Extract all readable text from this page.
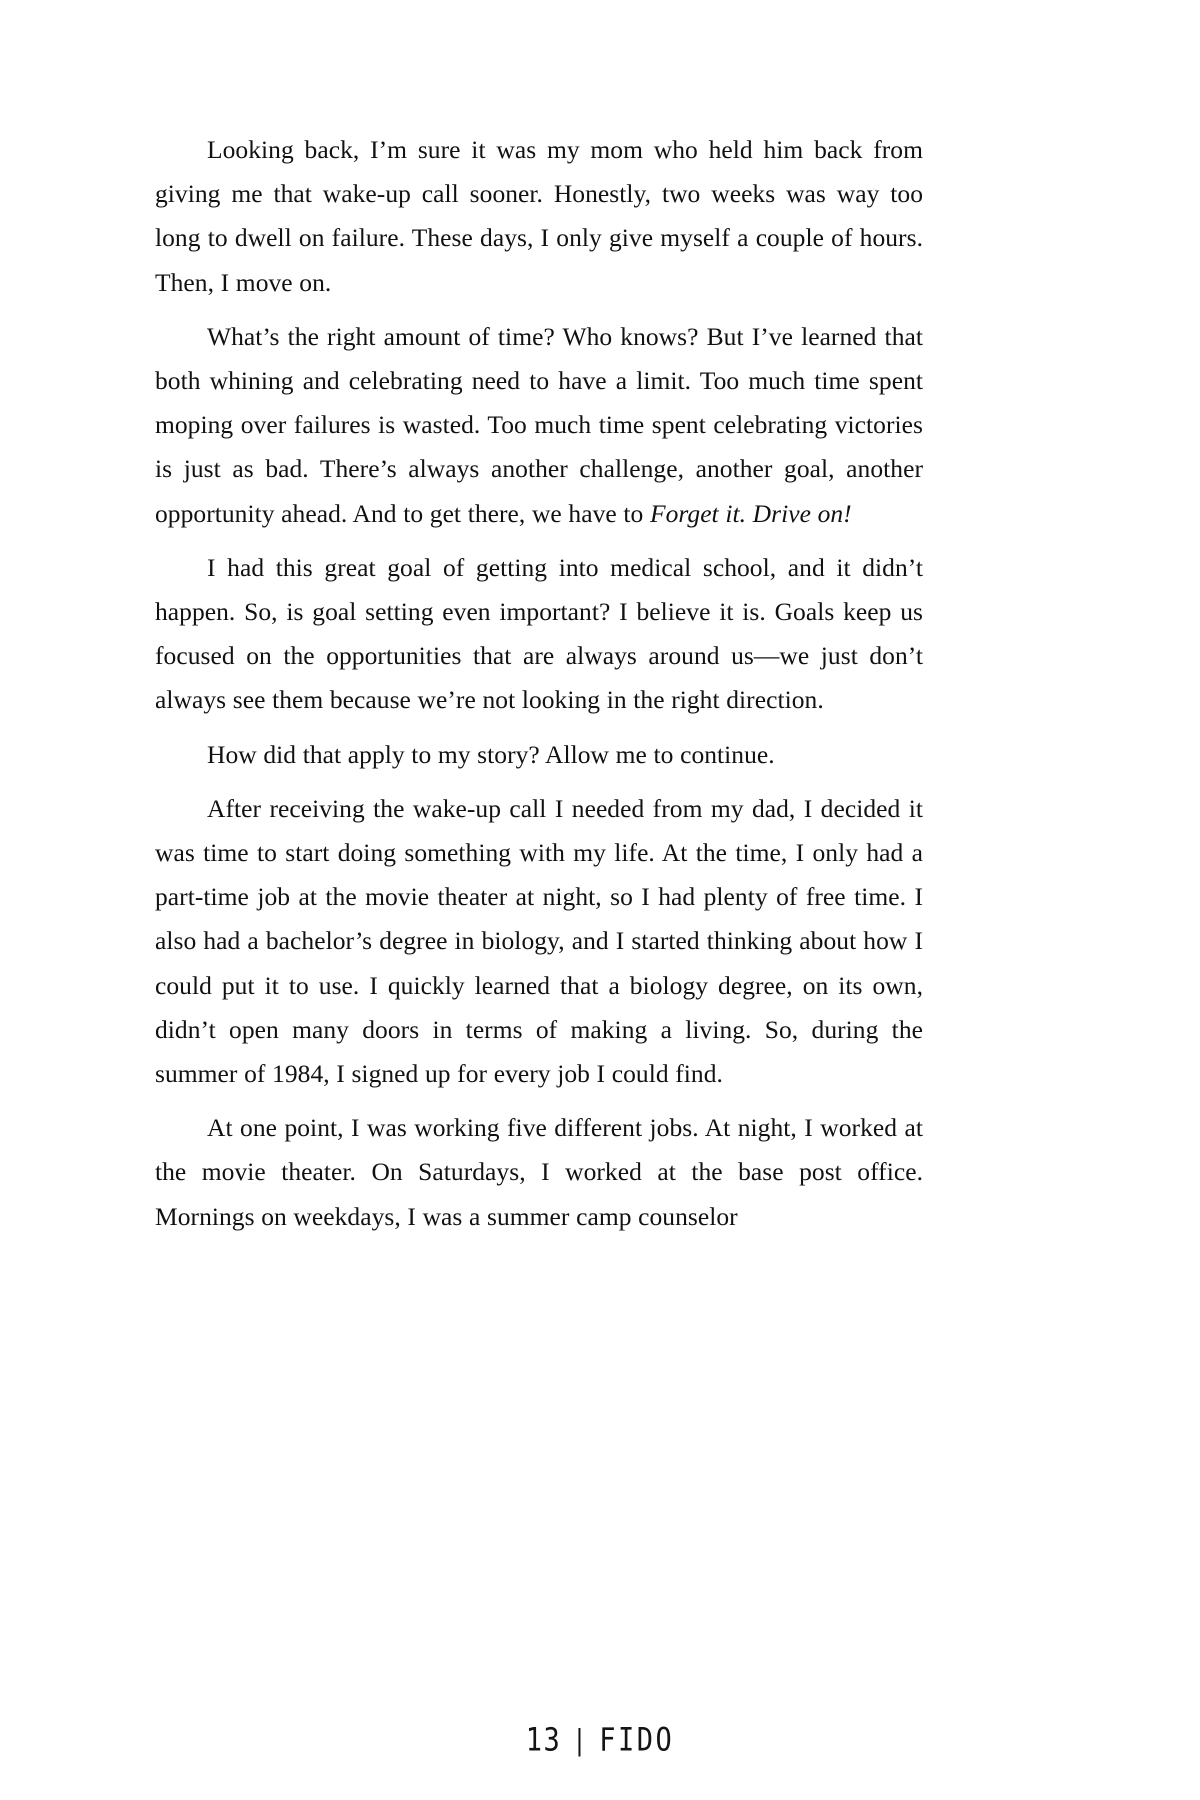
Looking back, I’m sure it was my mom who held him back from giving me that wake-up call sooner. Honestly, two weeks was way too long to dwell on failure. These days, I only give myself a couple of hours. Then, I move on.

What’s the right amount of time? Who knows? But I’ve learned that both whining and celebrating need to have a limit. Too much time spent moping over failures is wasted. Too much time spent celebrating victories is just as bad. There’s always another challenge, another goal, another opportunity ahead. And to get there, we have to Forget it. Drive on!

I had this great goal of getting into medical school, and it didn’t happen. So, is goal setting even important? I believe it is. Goals keep us focused on the opportunities that are always around us—we just don’t always see them because we’re not looking in the right direction.

How did that apply to my story? Allow me to continue.

After receiving the wake-up call I needed from my dad, I decided it was time to start doing something with my life. At the time, I only had a part-time job at the movie theater at night, so I had plenty of free time. I also had a bachelor’s degree in biology, and I started thinking about how I could put it to use. I quickly learned that a biology degree, on its own, didn’t open many doors in terms of making a living. So, during the summer of 1984, I signed up for every job I could find.

At one point, I was working five different jobs. At night, I worked at the movie theater. On Saturdays, I worked at the base post office. Mornings on weekdays, I was a summer camp counselor

13 | FIDO
